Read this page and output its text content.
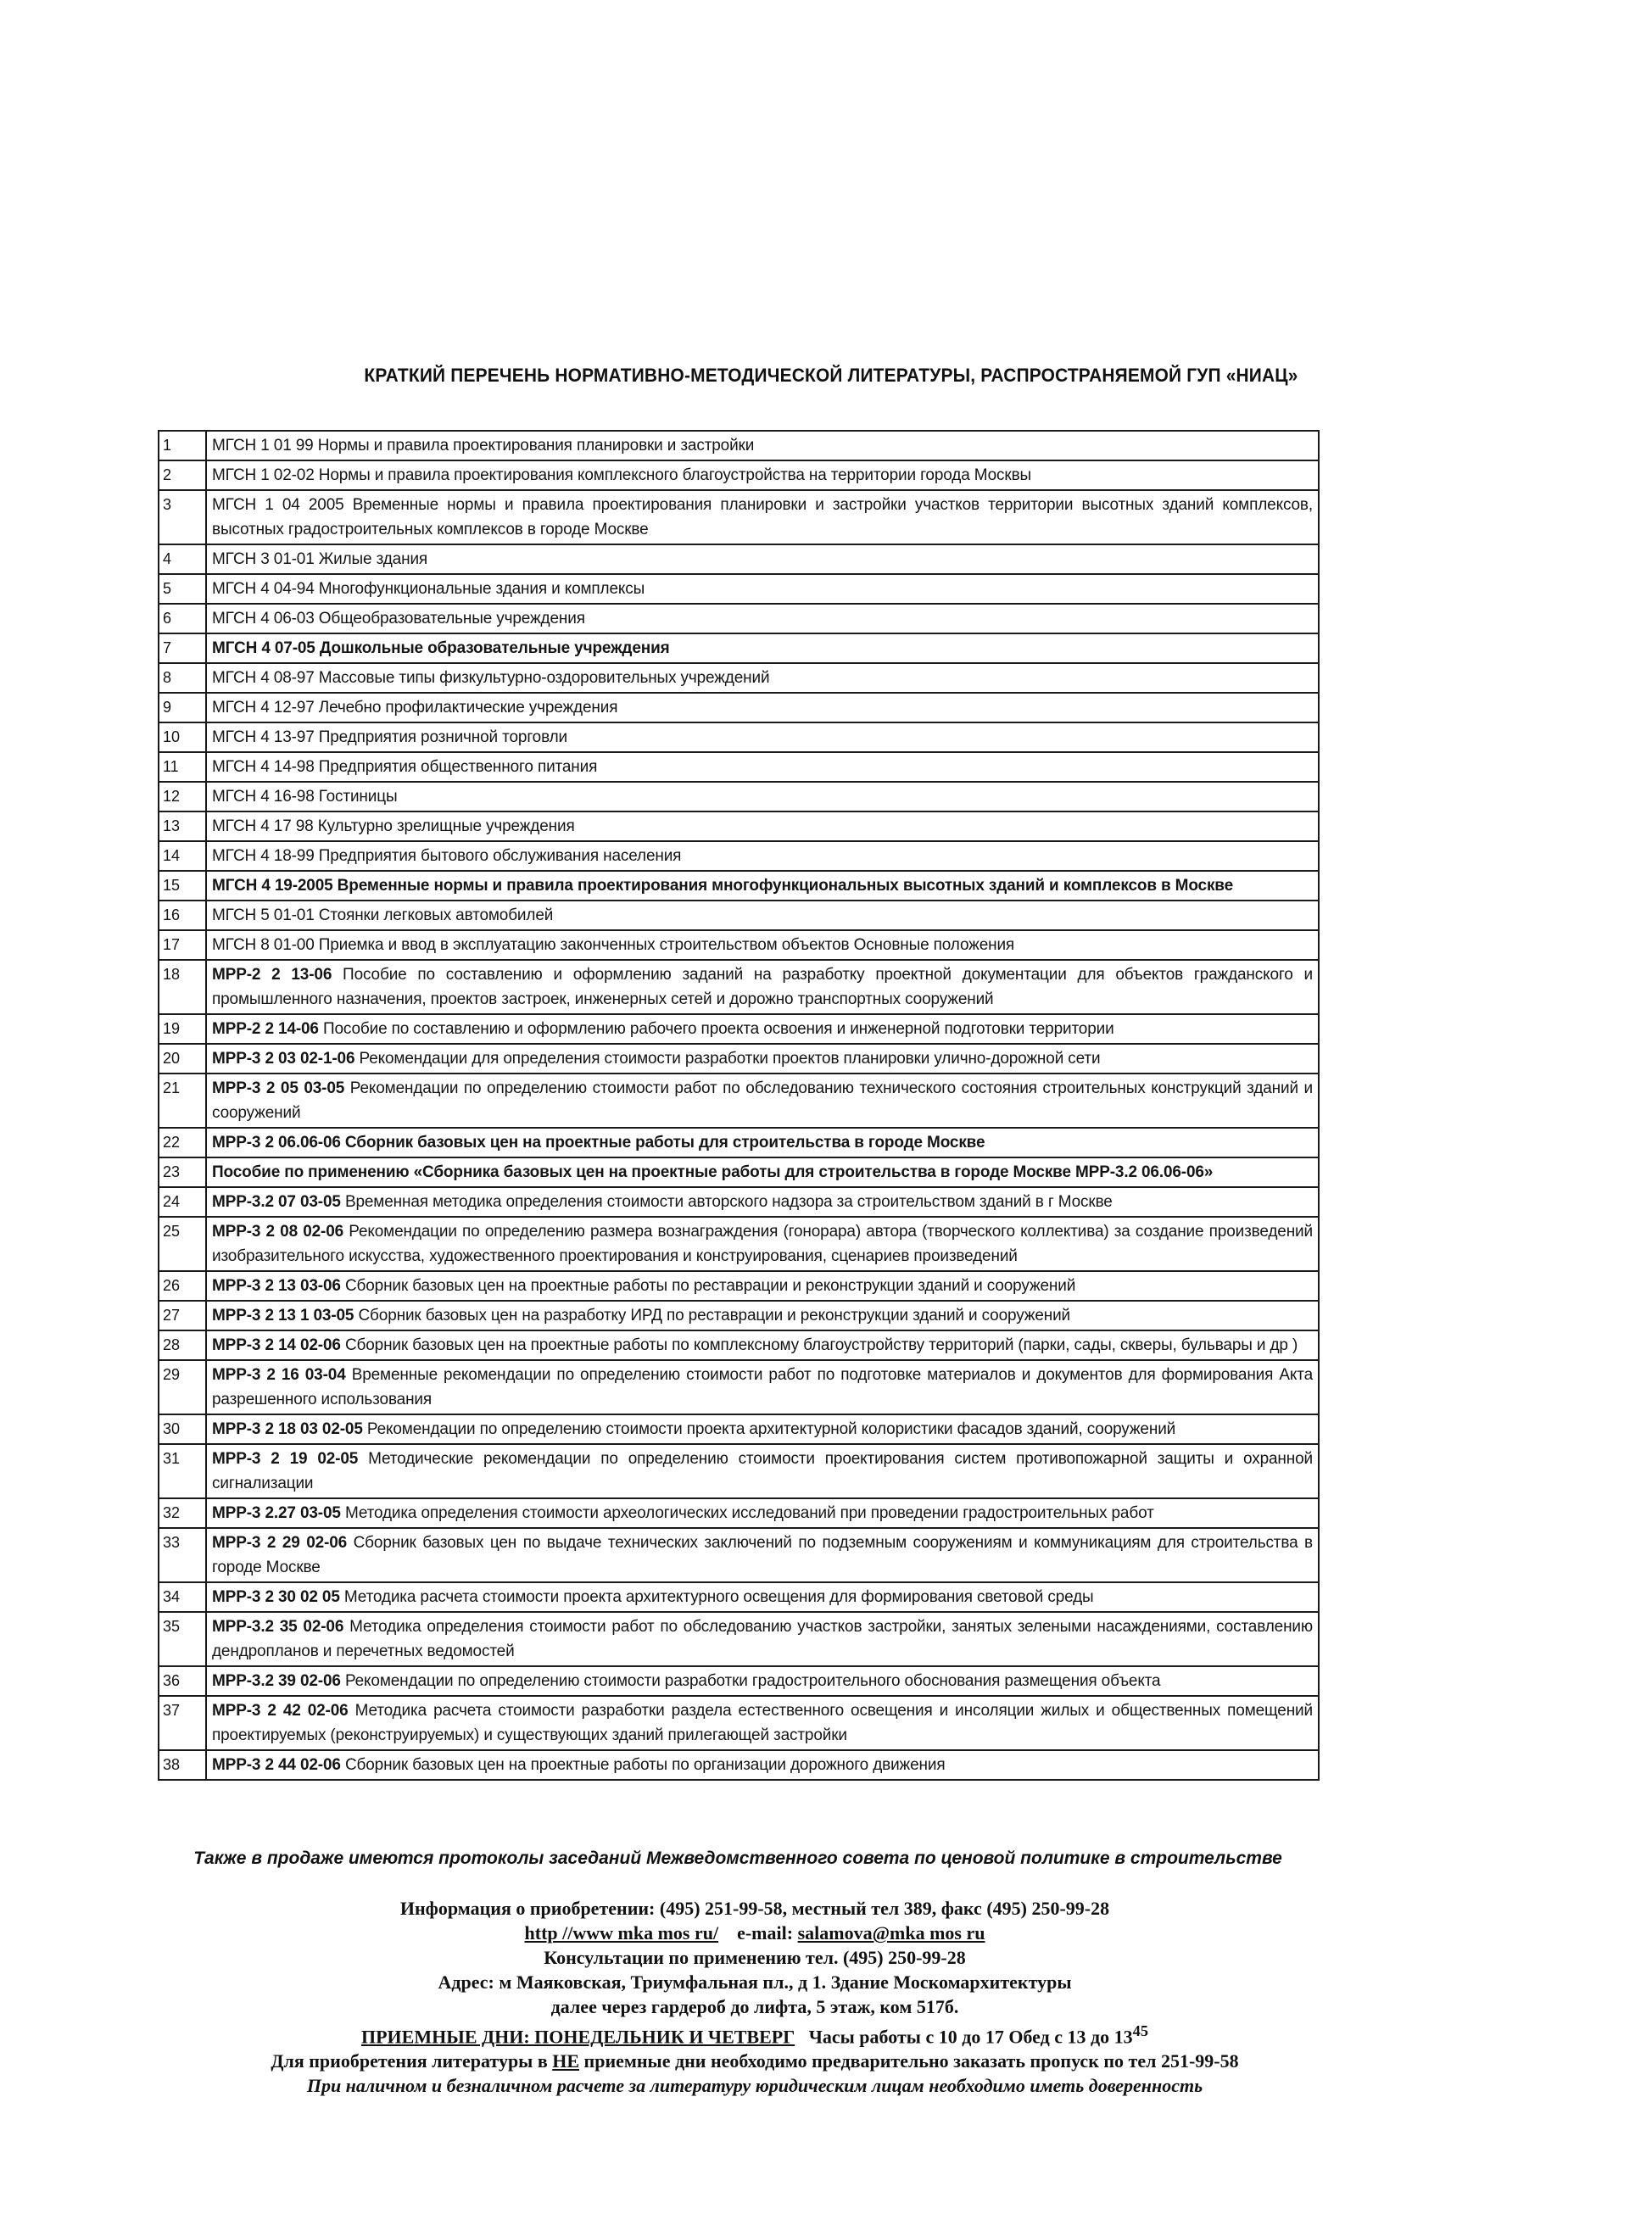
КРАТКИЙ ПЕРЕЧЕНЬ НОРМАТИВНО-МЕТОДИЧЕСКОЙ ЛИТЕРАТУРЫ, РАСПРОСТРАНЯЕМОЙ ГУП «НИАЦ»
1	МГСН 1 01 99 Нормы и правила проектирования планировки и застройки
2	МГСН 1 02-02 Нормы и правила проектирования комплексного благоустройства на территории города Москвы
3	МГСН 1 04 2005 Временные нормы и правила проектирования планировки и застройки участков территории высотных зданий комплексов, высотных градостроительных комплексов в городе Москве
4	МГСН 3 01-01 Жилые здания
5	МГСН 4 04-94 Многофункциональные здания и комплексы
6	МГСН 4 06-03 Общеобразовательные учреждения
7	МГСН 4 07-05 Дошкольные образовательные учреждения
8	МГСН 4 08-97 Массовые типы физкультурно-оздоровительных учреждений
9	МГСН 4 12-97 Лечебно профилактические учреждения
10	МГСН 4 13-97 Предприятия розничной торговли
11	МГСН 4 14-98 Предприятия общественного питания
12	МГСН 4 16-98 Гостиницы
13	МГСН 4 17 98 Культурно зрелищные учреждения
14	МГСН 4 18-99 Предприятия бытового обслуживания населения
15	МГСН 4 19-2005 Временные нормы и правила проектирования многофункциональных высотных зданий и комплексов в Москве
16	МГСН 5 01-01 Стоянки легковых автомобилей
17	МГСН 8 01-00 Приемка и ввод в эксплуатацию законченных строительством объектов Основные положения
18	МРР-2 2 13-06 Пособие по составлению и оформлению заданий на разработку проектной документации для объектов гражданского и промышленного назначения, проектов застроек, инженерных сетей и дорожно транспортных сооружений
19	МРР-2 2 14-06 Пособие по составлению и оформлению рабочего проекта освоения и инженерной подготовки территории
20	МРР-3 2 03 02-1-06 Рекомендации для определения стоимости разработки проектов планировки улично-дорожной сети
21	МРР-3 2 05 03-05 Рекомендации по определению стоимости работ по обследованию технического состояния строительных конструкций зданий и сооружений
22	МРР-3 2 06.06-06 Сборник базовых цен на проектные работы для строительства в городе Москве
23	Пособие по применению «Сборника базовых цен на проектные работы для строительства в городе Москве МРР-3.2 06.06-06»
24	МРР-3.2 07 03-05 Временная методика определения стоимости авторского надзора за строительством зданий в г Москве
25	МРР-3 2 08 02-06 Рекомендации по определению размера вознаграждения (гонорара) автора (творческого коллектива) за создание произведений изобразительного искусства, художественного проектирования и конструирования, сценариев произведений
26	МРР-3 2 13 03-06 Сборник базовых цен на проектные работы по реставрации и реконструкции зданий и сооружений
27	МРР-3 2 13 1 03-05 Сборник базовых цен на разработку ИРД по реставрации и реконструкции зданий и сооружений
28	МРР-3 2 14 02-06 Сборник базовых цен на проектные работы по комплексному благоустройству территорий (парки, сады, скверы, бульвары и др )
29	МРР-3 2 16 03-04 Временные рекомендации по определению стоимости работ по подготовке материалов и документов для формирования Акта разрешенного использования
30	МРР-3 2 18 03 02-05 Рекомендации по определению стоимости проекта архитектурной колористики фасадов зданий, сооружений
31	МРР-3 2 19 02-05 Методические рекомендации по определению стоимости проектирования систем противопожарной защиты и охранной сигнализации
32	МРР-3 2.27 03-05 Методика определения стоимости археологических исследований при проведении градостроительных работ
33	МРР-3 2 29 02-06 Сборник базовых цен по выдаче технических заключений по подземным сооружениям и коммуникациям для строительства в городе Москве
34	МРР-3 2 30 02 05 Методика расчета стоимости проекта архитектурного освещения для формирования световой среды
35	МРР-3.2 35 02-06 Методика определения стоимости работ по обследованию участков застройки, занятых зелеными насаждениями, составлению дендропланов и перечетных ведомостей
36	МРР-3.2 39 02-06 Рекомендации по определению стоимости разработки градостроительного обоснования размещения объекта
37	МРР-3 2 42 02-06 Методика расчета стоимости разработки раздела естественного освещения и инсоляции жилых и общественных помещений проектируемых (реконструируемых) и существующих зданий прилегающей застройки
38	МРР-3 2 44 02-06 Сборник базовых цен на проектные работы по организации дорожного движения
Также в продаже имеются протоколы заседаний Межведомственного совета по ценовой политике в строительстве
Информация о приобретении: (495) 251-99-58, местный тел 389, факс (495) 250-99-28
http //www mka mos ru/ e-mail: salamova@mka mos ru
Консультации по применению тел. (495) 250-99-28
Адрес: м Маяковская, Триумфальная пл., д 1. Здание Москомархитектуры
далее через гардероб до лифта, 5 этаж, ком 517б.
ПРИЕМНЫЕ ДНИ: ПОНЕДЕЛЬНИК И ЧЕТВЕРГ Часы работы с 10 до 17 Обед с 13 до $13^{45}$
Для приобретения литературы в НЕ приемные дни необходимо предварительно заказать пропуск по тел 251-99-58
При наличном и безналичном расчете за литературу юридическим лицам необходимо иметь доверенность
